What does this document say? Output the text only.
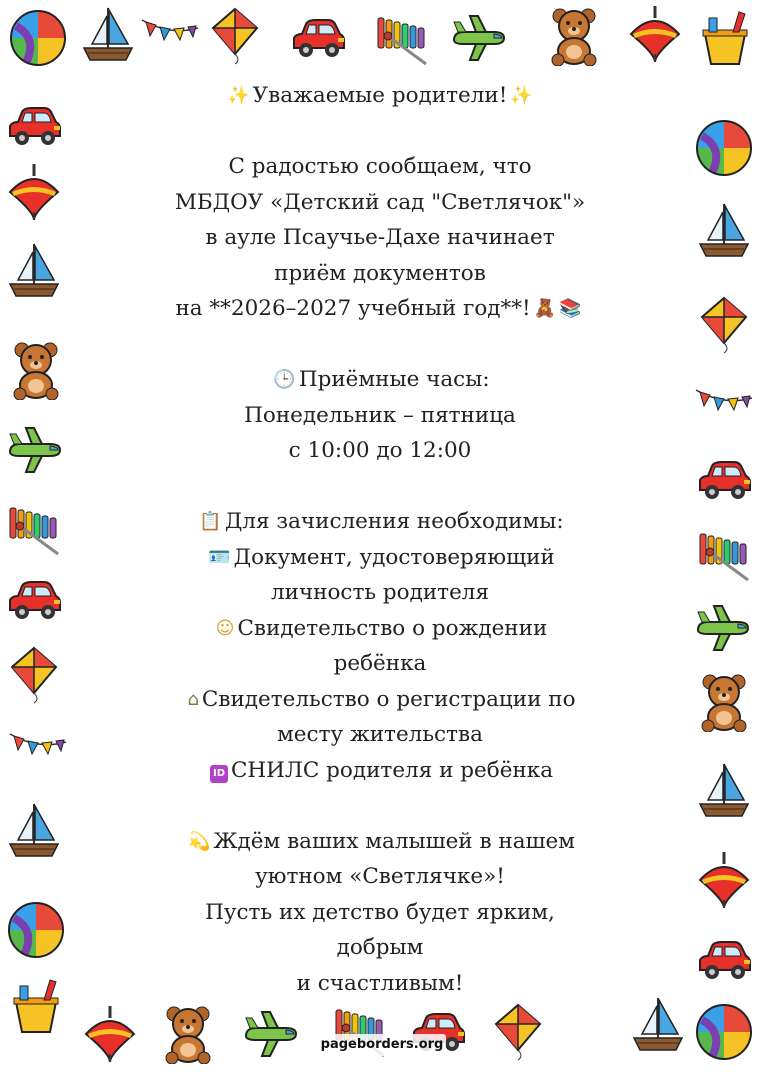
✨ Уважаемые родители! ✨
С радостью сообщаем, что
МБДОУ «Детский сад "Светлячок"»
в ауле Псаучье-Дахе начинает
приём документов
на **2026–2027 учебный год**! 🧸 📚
🕒 Приёмные часы:
Понедельник – пятница
с 10:00 до 12:00
📋 Для зачисления необходимы:
🪪 Документ, удостоверяющий
личность родителя
☺ Свидетельство о рождении
ребёнка
⌂ Свидетельство о регистрации по
месту жительства
ID СНИЛС родителя и ребёнка
💫 Ждём ваших малышей в нашем
уютном «Светлячке»!
Пусть их детство будет ярким,
добрым
и счастливым!
pageborders.org
